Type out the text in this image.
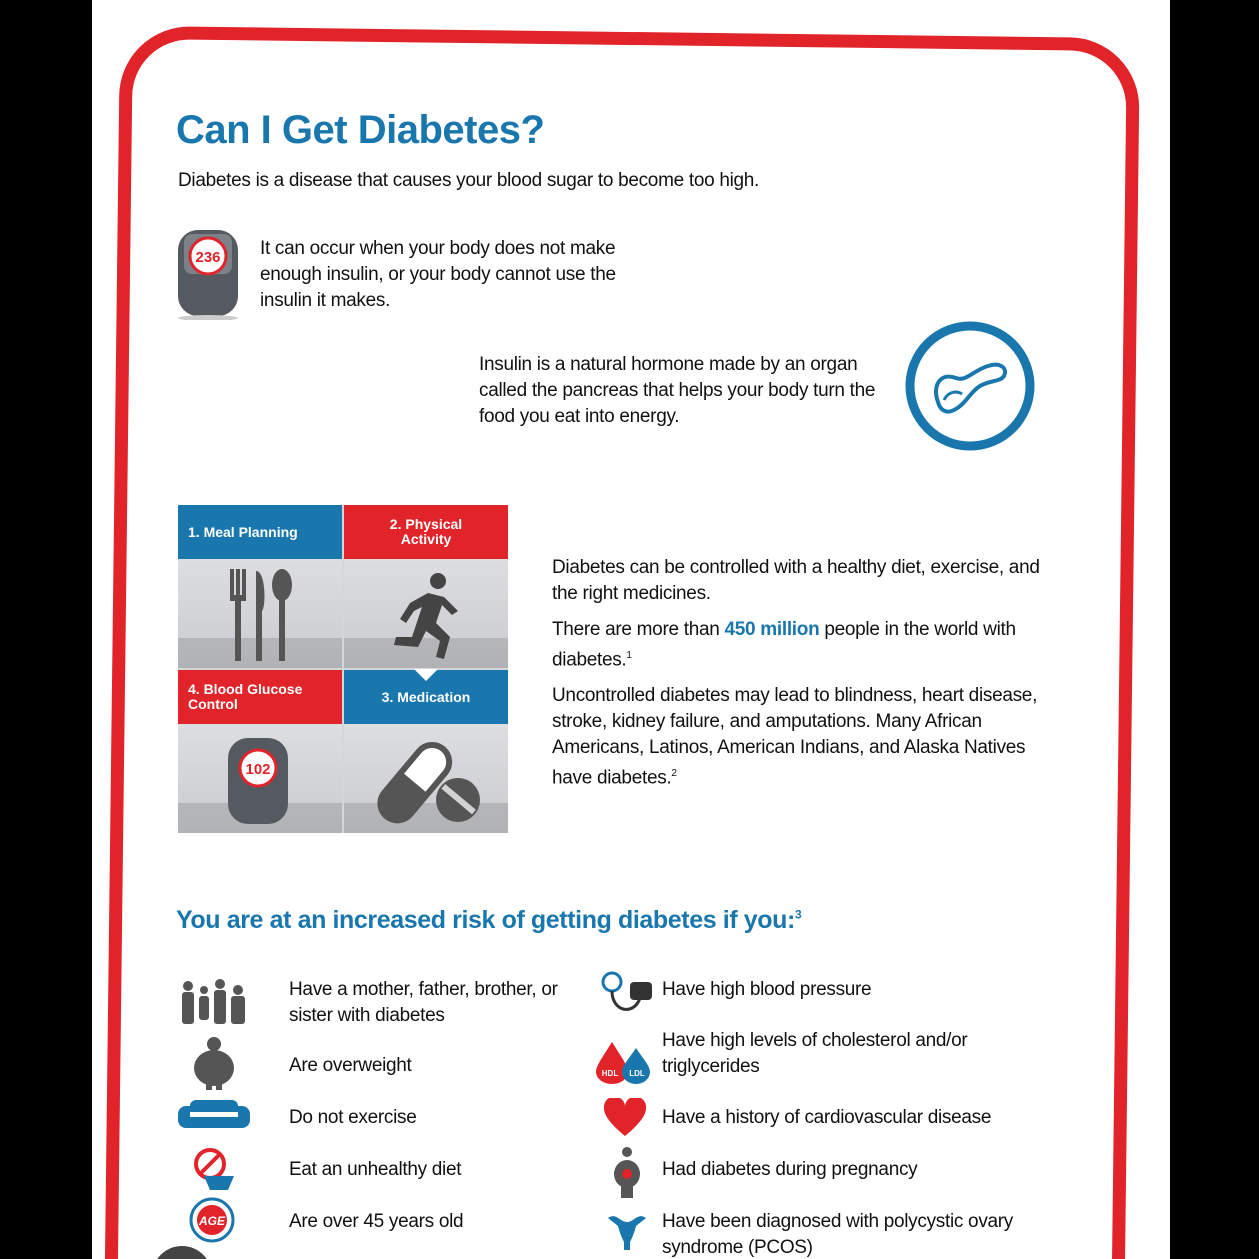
Can I Get Diabetes?
Diabetes is a disease that causes your blood sugar to become too high.
236 It can occur when your body does not make enough insulin, or your body cannot use the insulin it makes.
Insulin is a natural hormone made by an organ called the pancreas that helps your body turn the food you eat into energy.
1. Meal Planning	2. Physical Activity
4. Blood Glucose Control
102
3. Medication

Diabetes can be controlled with a healthy diet, exercise, and the right medicines.

There are more than 450 million people in the world with diabetes.$^1$

Uncontrolled diabetes may lead to blindness, heart disease, stroke, kidney failure, and amputations. Many African Americans, Latinos, American Indians, and Alaska Natives have diabetes.$^2$

You are at an increased risk of getting diabetes if you:$^3$
Have a mother, father, brother, or sister with diabetes
Are overweight
Do not exercise
Eat an unhealthy diet
AGE	Are over 45 years old
Have high blood pressure
HDL LDL
Have high levels of cholesterol and/or triglycerides
Have a history of cardiovascular disease
Had diabetes during pregnancy
Have been diagnosed with polycystic ovary syndrome (PCOS)
